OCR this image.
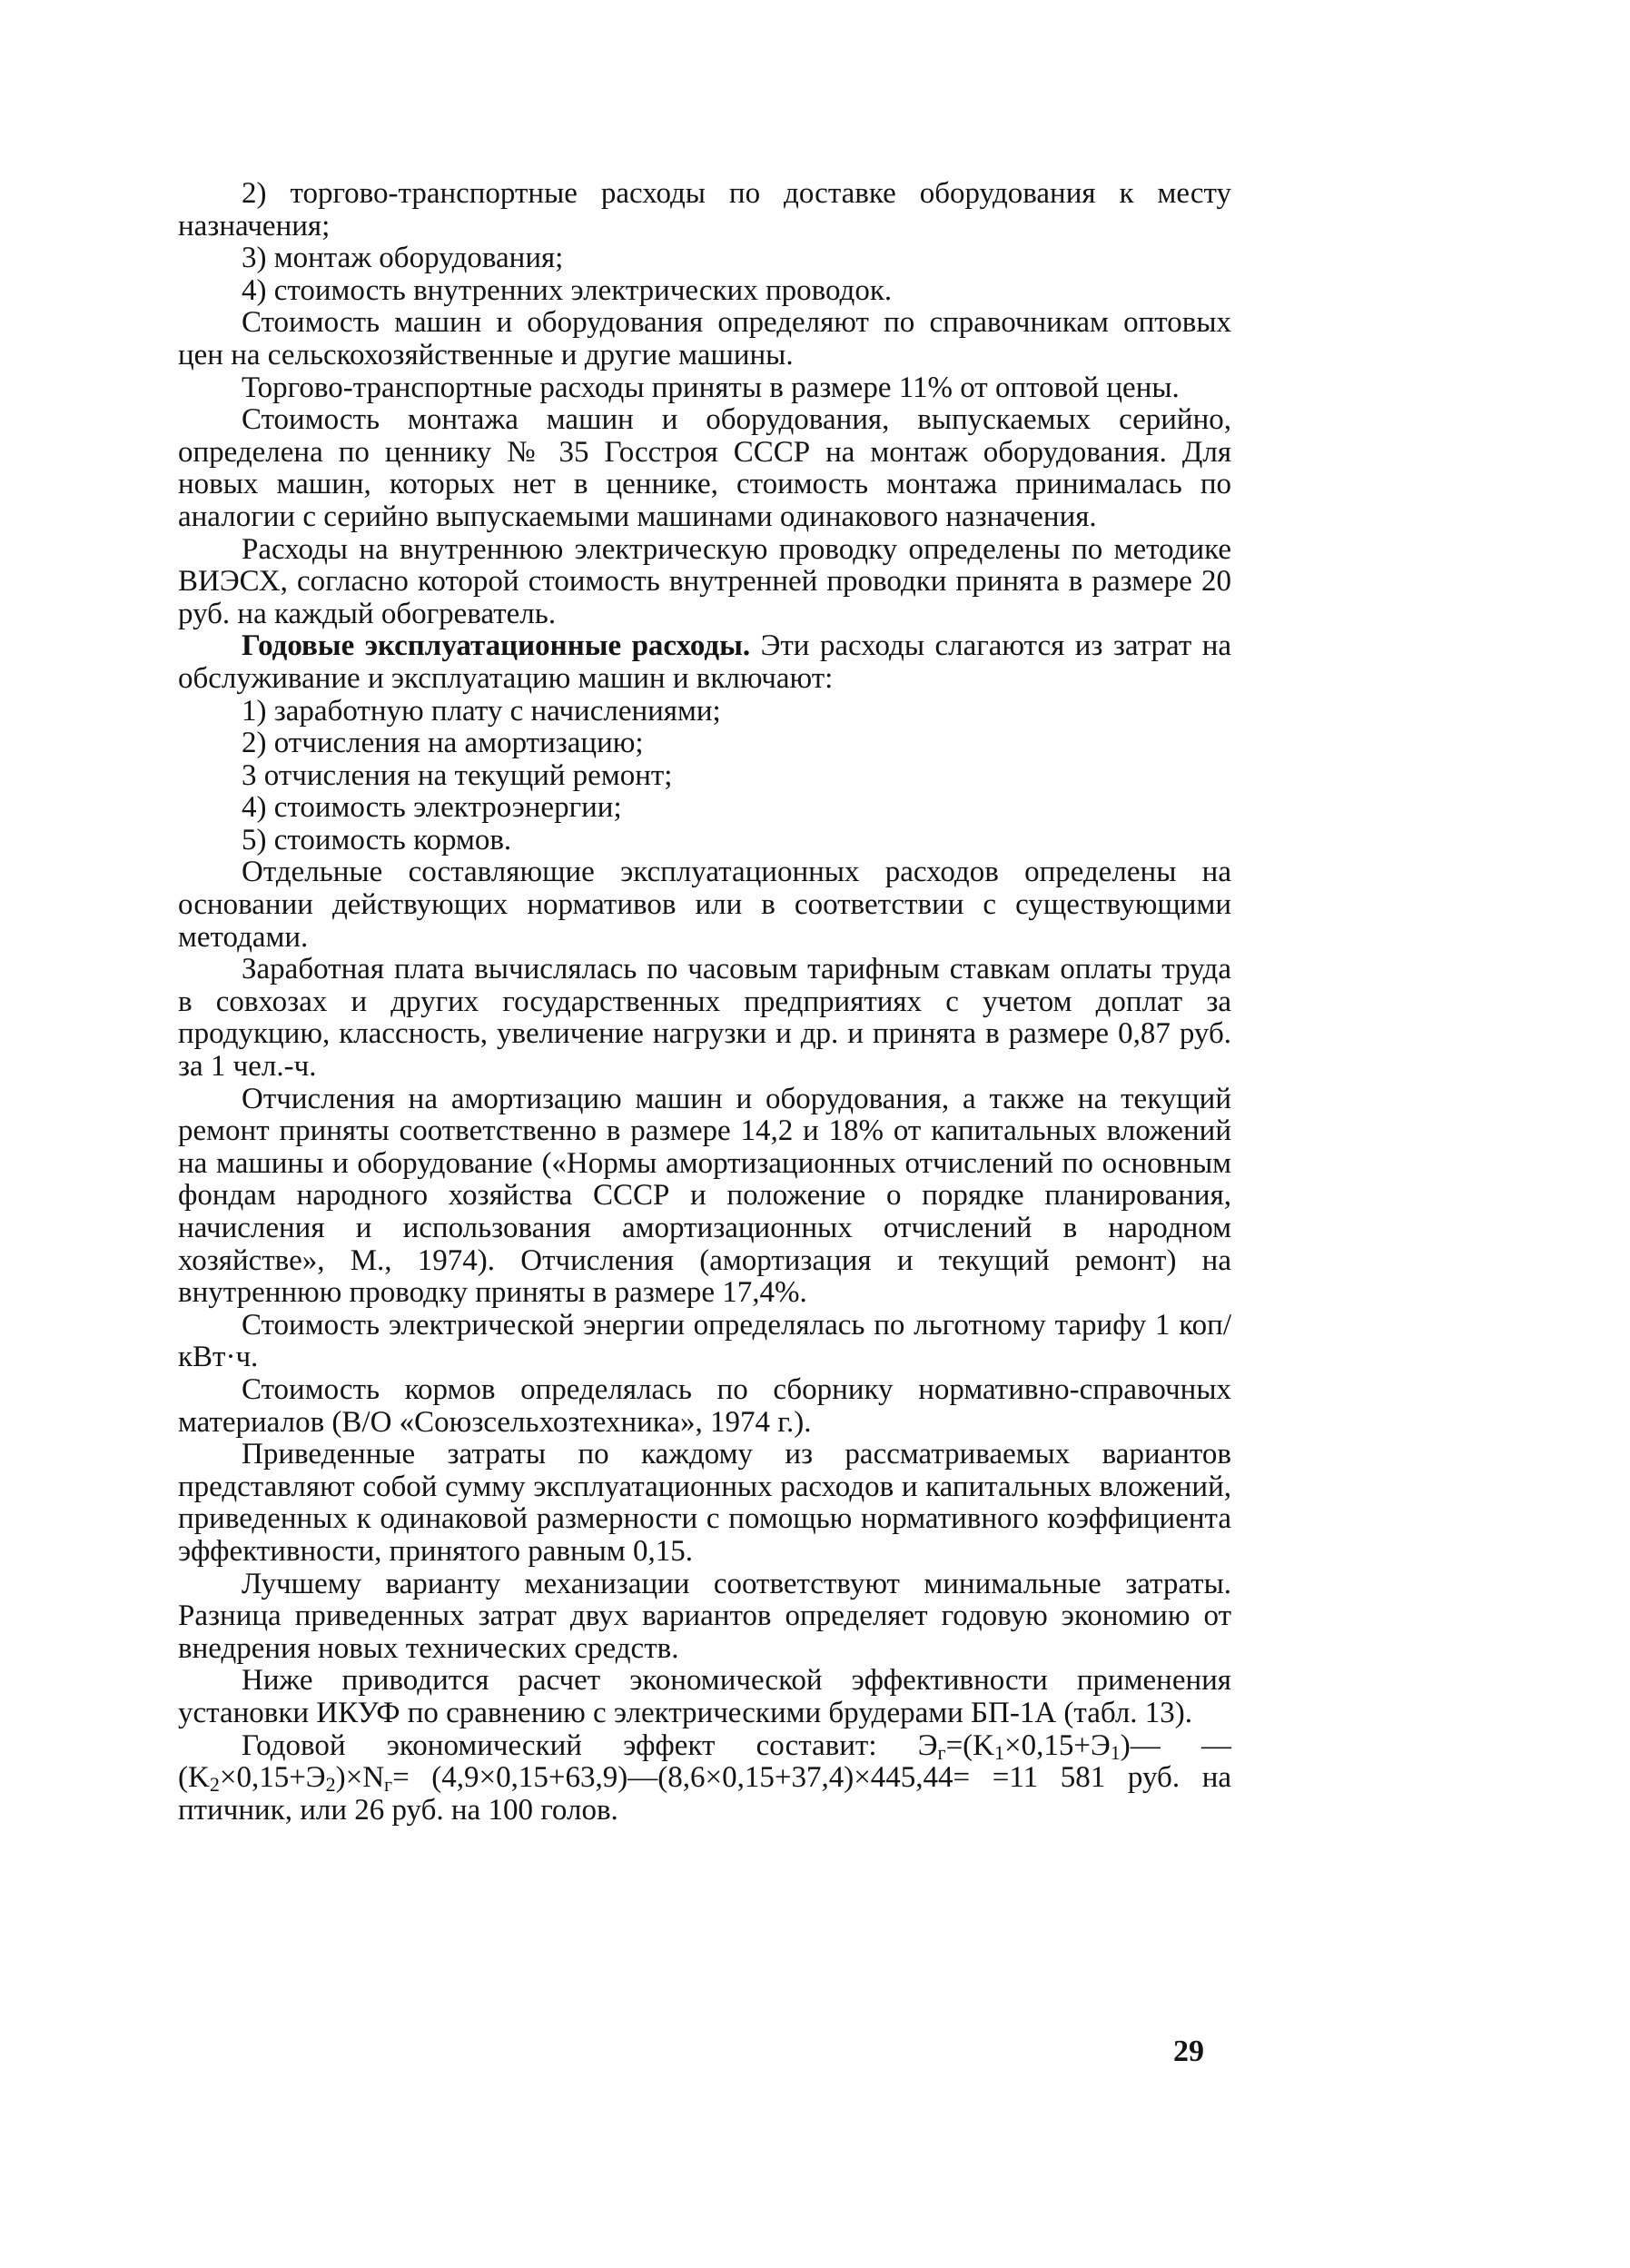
2) торгово-транспортные расходы по доставке оборудования к месту назначения;

3) монтаж оборудования;

4) стоимость внутренних электрических проводок.

Стоимость машин и оборудования определяют по справочникам оптовых цен на сельскохозяйственные и другие машины.

Торгово-транспортные расходы приняты в размере 11% от оптовой цены.

Стоимость монтажа машин и оборудования, выпускаемых серийно, определена по ценнику № 35 Госстроя СССР на монтаж оборудования. Для новых машин, которых нет в ценнике, стоимость монтажа принималась по аналогии с серийно выпускаемыми машинами одинакового назначения.

Расходы на внутреннюю электрическую проводку определены по методике ВИЭСХ, согласно которой стоимость внутренней проводки принята в размере 20 руб. на каждый обогреватель.

Годовые эксплуатационные расходы. Эти расходы слагаются из затрат на обслуживание и эксплуатацию машин и включают:

1) заработную плату с начислениями;

2) отчисления на амортизацию;

3 отчисления на текущий ремонт;

4) стоимость электроэнергии;

5) стоимость кормов.

Отдельные составляющие эксплуатационных расходов определены на основании действующих нормативов или в соответствии с существующими методами.

Заработная плата вычислялась по часовым тарифным ставкам оплаты труда в совхозах и других государственных предприятиях с учетом доплат за продукцию, классность, увеличение нагрузки и др. и принята в размере 0,87 руб. за 1 чел.-ч.

Отчисления на амортизацию машин и оборудования, а также на текущий ремонт приняты соответственно в размере 14,2 и 18% от капитальных вложений на машины и оборудование («Нормы амортизационных отчислений по основным фондам народного хозяйства СССР и положение о порядке планирования, начисления и использования амортизационных отчислений в народном хозяйстве», М., 1974). Отчисления (амортизация и текущий ремонт) на внутреннюю проводку приняты в размере 17,4%.

Стоимость электрической энергии определялась по льготному тарифу 1 коп/кВт·ч.

Стоимость кормов определялась по сборнику нормативно-справочных материалов (В/О «Союзсельхозтехника», 1974 г.).

Приведенные затраты по каждому из рассматриваемых вариантов представляют собой сумму эксплуатационных расходов и капитальных вложений, приведенных к одинаковой размерности с помощью нормативного коэффициента эффективности, принятого равным 0,15.

Лучшему варианту механизации соответствуют минимальные затраты. Разница приведенных затрат двух вариантов определяет годовую экономию от внедрения новых технических средств.

Ниже приводится расчет экономической эффективности применения установки ИКУФ по сравнению с электрическими брудерами БП-1А (табл. 13).

Годовой экономический эффект составит: $Э_г=(K_1\times 0,15+Э_1)—$ — $(K_2\times 0,15+Э_2)\times N_г=$ (4,9×0,15+63,9)—(8,6×0,15+37,4)×445,44= =11 581 руб. на птичник, или 26 руб. на 100 голов.

29
